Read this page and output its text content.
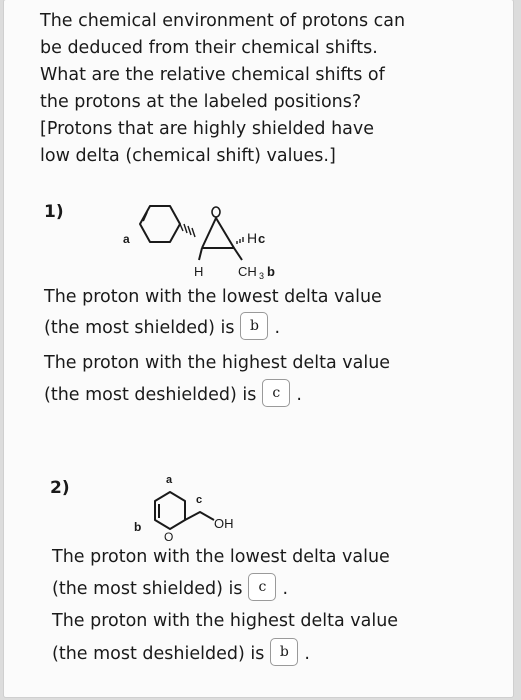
The chemical environment of protons can
be deduced from their chemical shifts.
What are the relative chemical shifts of
the protons at the labeled positions?
[Protons that are highly shielded have
low delta (chemical shift) values.]
1)
a	H c
H	CH 3 b
The proton with the lowest delta value
(the most shielded) is b .
The proton with the highest delta value
(the most deshielded) is c .
2)	a
c
b
O
OH
The proton with the lowest delta value
(the most shielded) is c .
The proton with the highest delta value
(the most deshielded) is b .
